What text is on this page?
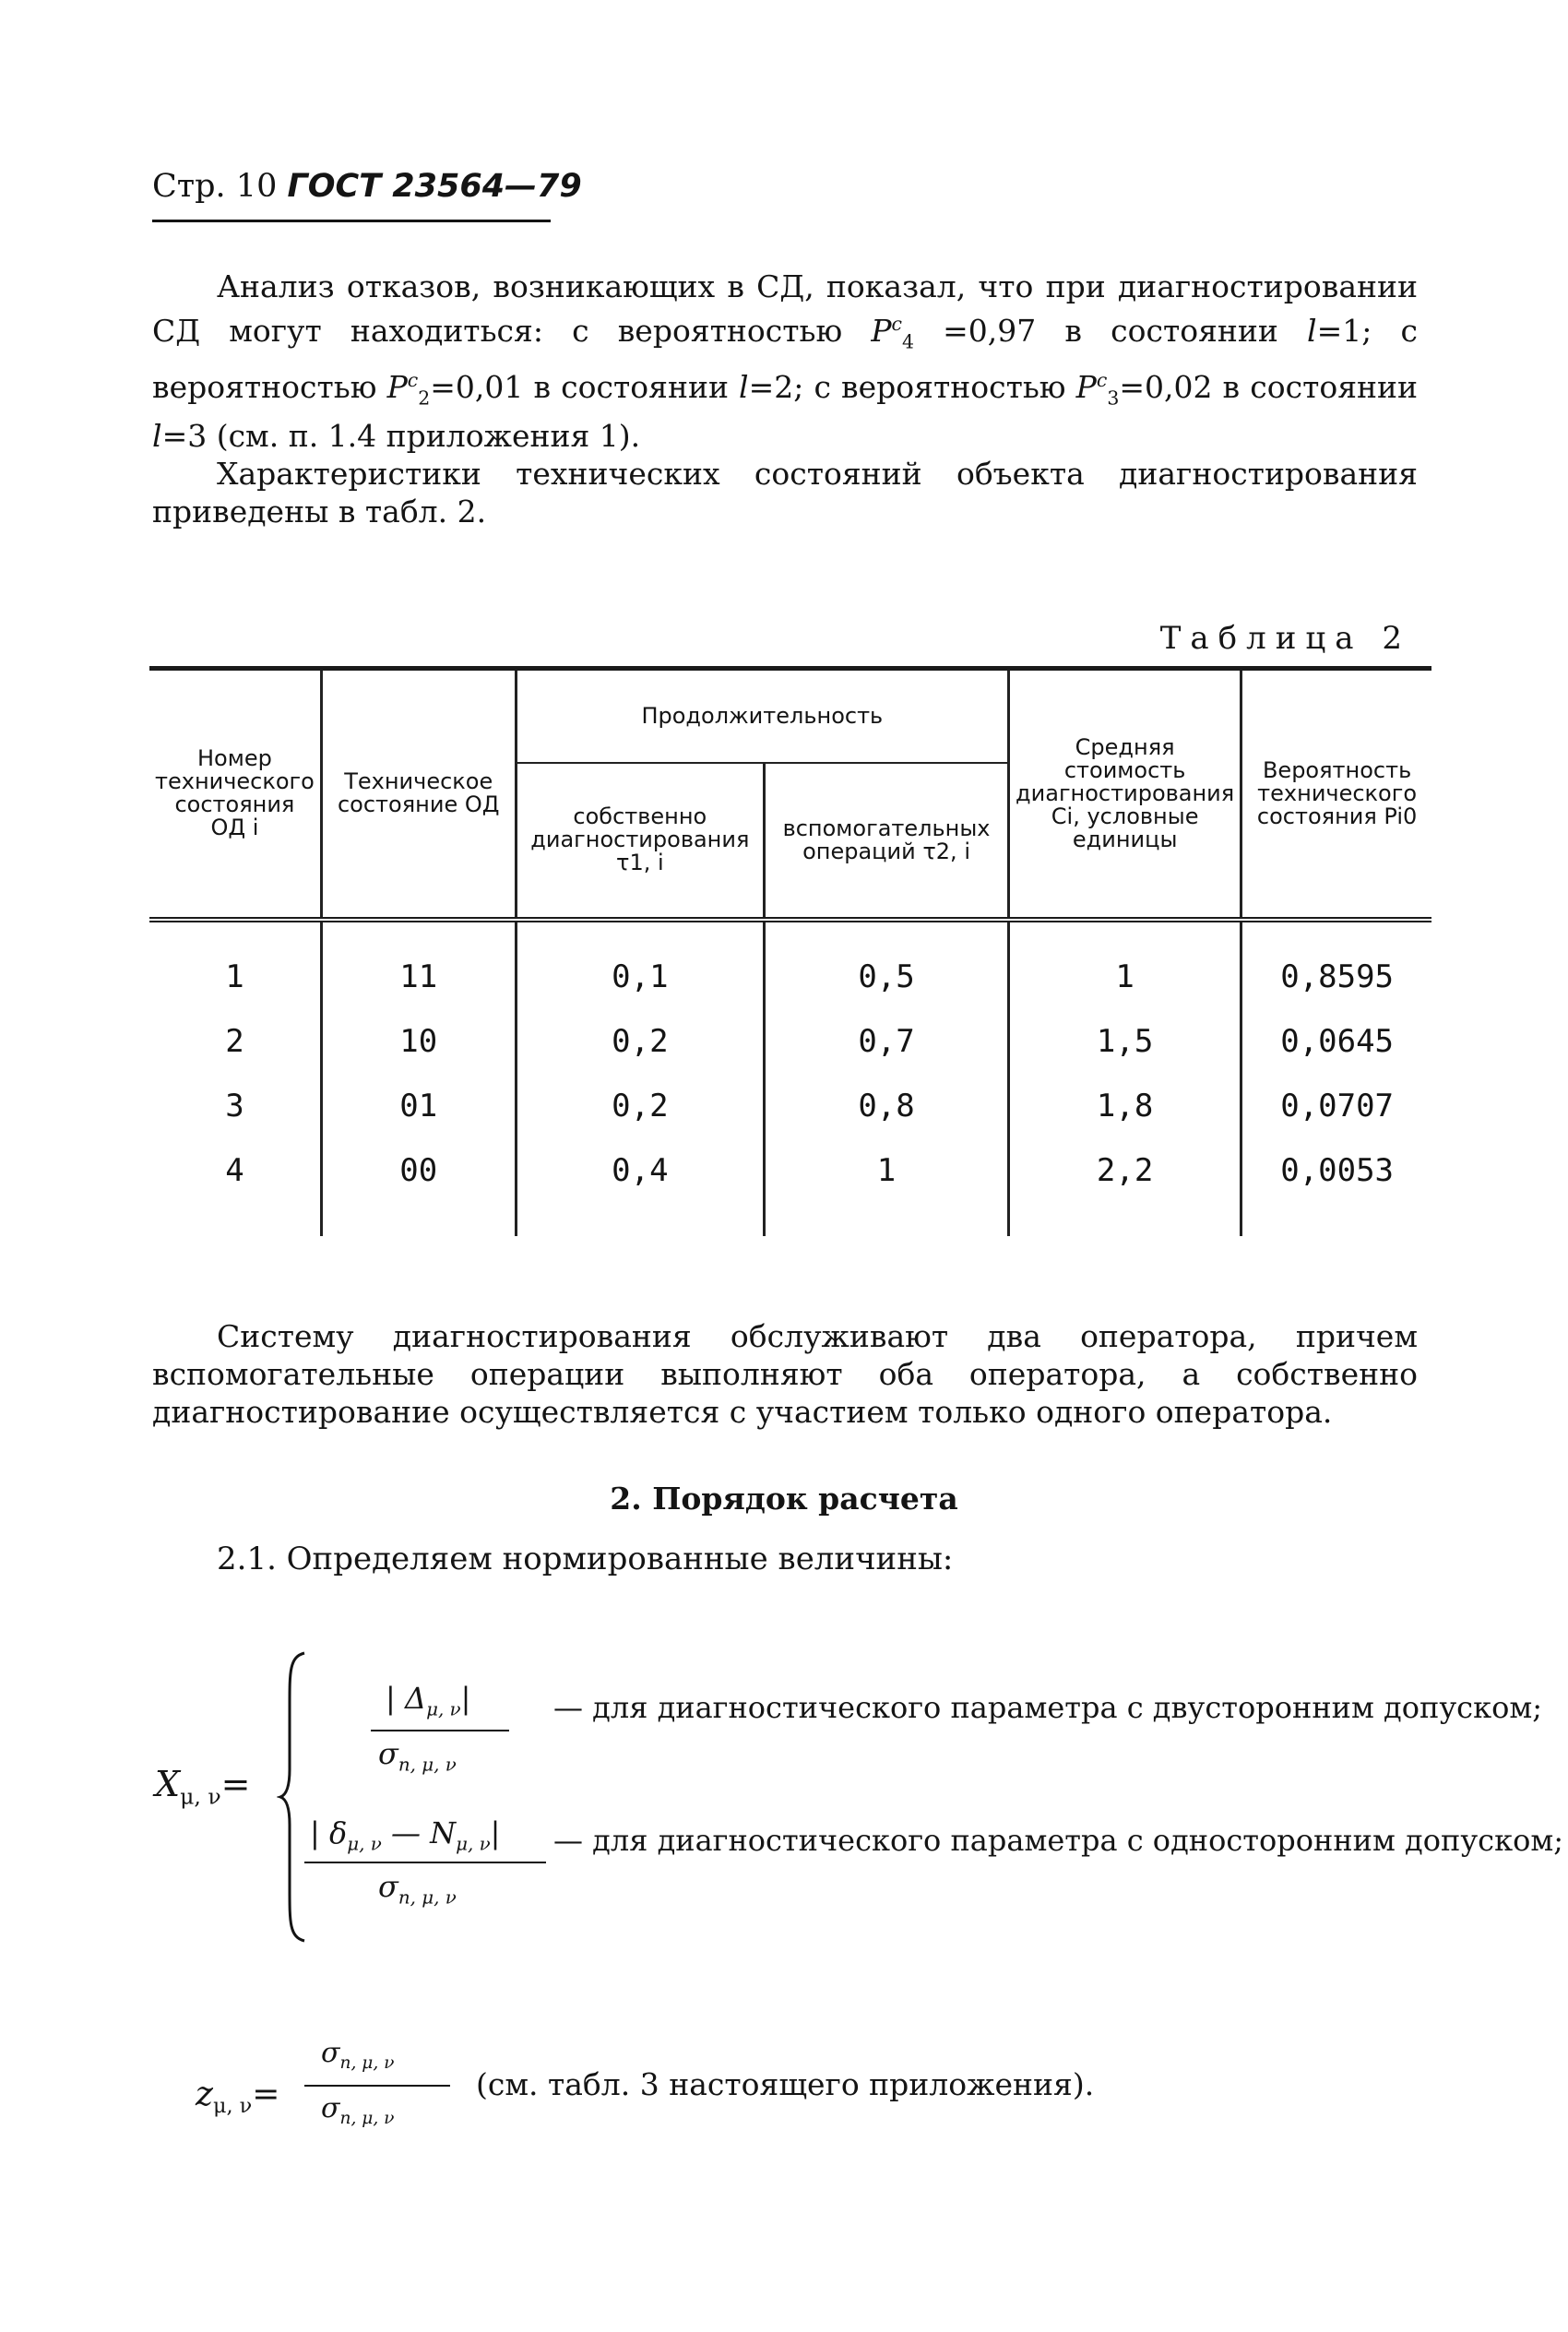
Стр. 10 ГОСТ 23564—79

Анализ отказов, возникающих в СД, показал, что при диагностировании СД могут находиться: с вероятностью $P^c_4 =0,97$ в состоянии l=1; с вероятностью $P^c_2=0,01$ в состоянии l=2; с вероятностью $P^c_3=0,02$ в состоянии l=3 (см. п. 1.4 приложения 1).

Характеристики технических состояний объекта диагностирования приведены в табл. 2.

Таблица 2
Номер технического состояния ОД i	Техническое состояние ОД	Продолжительность		Средняя стоимость диагностирования Ci, условные единицы	Вероятность технического состояния Pi0
		собственно диагностирования τ1, i	вспомогательных операций τ2, i		
1	11	0,1	0,5	1	0,8595
2	10	0,2	0,7	1,5	0,0645
3	01	0,2	0,8	1,8	0,0707
4	00	0,4	1	2,2	0,0053

Систему диагностирования обслуживают два оператора, причем вспомогательные операции выполняют оба оператора, а собственно диагностирование осуществляется с участием только одного оператора.

2. Порядок расчета
2.1. Определяем нормированные величины:
$X_{\mu, \nu}=$
| $\Delta_{\mu, \nu}|$
$\sigma_{n, \mu, \nu}$
— для диагностического параметра с двусторонним допуском;
| $\delta_{\mu, \nu}$ — $N_{\mu, \nu}|$
$\sigma_{n, \mu, \nu}$
— для диагностического параметра с односторонним допуском;
$z_{\mu, \nu}=$
$\sigma_{n, \mu, \nu}$
$\sigma_{n, \mu, \nu}$
(см. табл. 3 настоящего приложения).
